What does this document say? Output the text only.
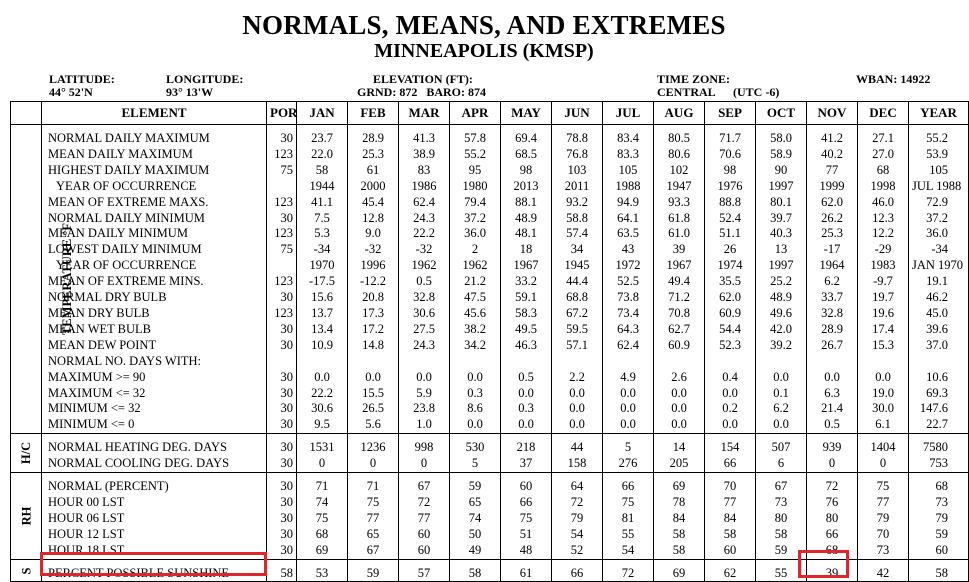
NORMALS, MEANS, AND EXTREMES
MINNEAPOLIS (KMSP)
LATITUDE:
44° 52'N
LONGITUDE:
93° 13'W
ELEVATION (FT):
GRND: 872   BARO: 874
TIME ZONE:
CENTRAL      (UTC -6)
WBAN: 14922
	ELEMENT	POR	JAN	FEB	MAR	APR	MAY	JUN	JUL	AUG	SEP	OCT	NOV	DEC	YEAR
TEMPERATURE °F															
	NORMAL DAILY MAXIMUM	30	23.7	28.9	41.3	57.8	69.4	78.8	83.4	80.5	71.7	58.0	41.2	27.1	55.2
	MEAN DAILY MAXIMUM	123	22.0	25.3	38.9	55.2	68.5	76.8	83.3	80.6	70.6	58.9	40.2	27.0	53.9
	HIGHEST DAILY MAXIMUM	75	58	61	83	95	98	103	105	102	98	90	77	68	105
	YEAR OF OCCURRENCE		1944	2000	1986	1980	2013	2011	1988	1947	1976	1997	1999	1998	JUL 1988
	MEAN OF EXTREME MAXS.	123	41.1	45.4	62.4	79.4	88.1	93.2	94.9	93.3	88.8	80.1	62.0	46.0	72.9
	NORMAL DAILY MINIMUM	30	7.5	12.8	24.3	37.2	48.9	58.8	64.1	61.8	52.4	39.7	26.2	12.3	37.2
	MEAN DAILY MINIMUM	123	5.3	9.0	22.2	36.0	48.1	57.4	63.5	61.0	51.1	40.3	25.3	12.2	36.0
	LOWEST DAILY MINIMUM	75	-34	-32	-32	2	18	34	43	39	26	13	-17	-29	-34
	YEAR OF OCCURRENCE		1970	1996	1962	1962	1967	1945	1972	1967	1974	1997	1964	1983	JAN 1970
	MEAN OF EXTREME MINS.	123	-17.5	-12.2	0.5	21.2	33.2	44.4	52.5	49.4	35.5	25.2	6.2	-9.7	19.1
	NORMAL DRY BULB	30	15.6	20.8	32.8	47.5	59.1	68.8	73.8	71.2	62.0	48.9	33.7	19.7	46.2
	MEAN DRY BULB	123	13.7	17.3	30.6	45.6	58.3	67.2	73.4	70.8	60.9	49.6	32.8	19.6	45.0
	MEAN WET BULB	30	13.4	17.2	27.5	38.2	49.5	59.5	64.3	62.7	54.4	42.0	28.9	17.4	39.6
	MEAN DEW POINT	30	10.9	14.8	24.3	34.2	46.3	57.1	62.4	60.9	52.3	39.2	26.7	15.3	37.0
	NORMAL NO. DAYS WITH:														
	MAXIMUM >= 90	30	0.0	0.0	0.0	0.0	0.5	2.2	4.9	2.6	0.4	0.0	0.0	0.0	10.6
	MAXIMUM <= 32	30	22.2	15.5	5.9	0.3	0.0	0.0	0.0	0.0	0.0	0.1	6.3	19.0	69.3
	MINIMUM <= 32	30	30.6	26.5	23.8	8.6	0.3	0.0	0.0	0.0	0.2	6.2	21.4	30.0	147.6
	MINIMUM <= 0	30	9.5	5.6	1.0	0.0	0.0	0.0	0.0	0.0	0.0	0.0	0.5	6.1	22.7
H/C															
	NORMAL HEATING DEG. DAYS	30	1531	1236	998	530	218	44	5	14	154	507	939	1404	7580
	NORMAL COOLING DEG. DAYS	30	0	0	0	5	37	158	276	205	66	6	0	0	753
RH															
	NORMAL (PERCENT)	30	71	71	67	59	60	64	66	69	70	67	72	75	68
	HOUR 00 LST	30	74	75	72	65	66	72	75	78	77	73	76	77	73
	HOUR 06 LST	30	75	77	77	74	75	79	81	84	84	80	80	79	79
	HOUR 12 LST	30	68	65	60	50	51	54	55	58	58	58	66	70	59
	HOUR 18 LST	30	69	67	60	49	48	52	54	58	60	59	68	73	60
S															
	PERCENT POSSIBLE SUNSHINE	58	53	59	57	58	61	66	72	69	62	55	39	42	58
